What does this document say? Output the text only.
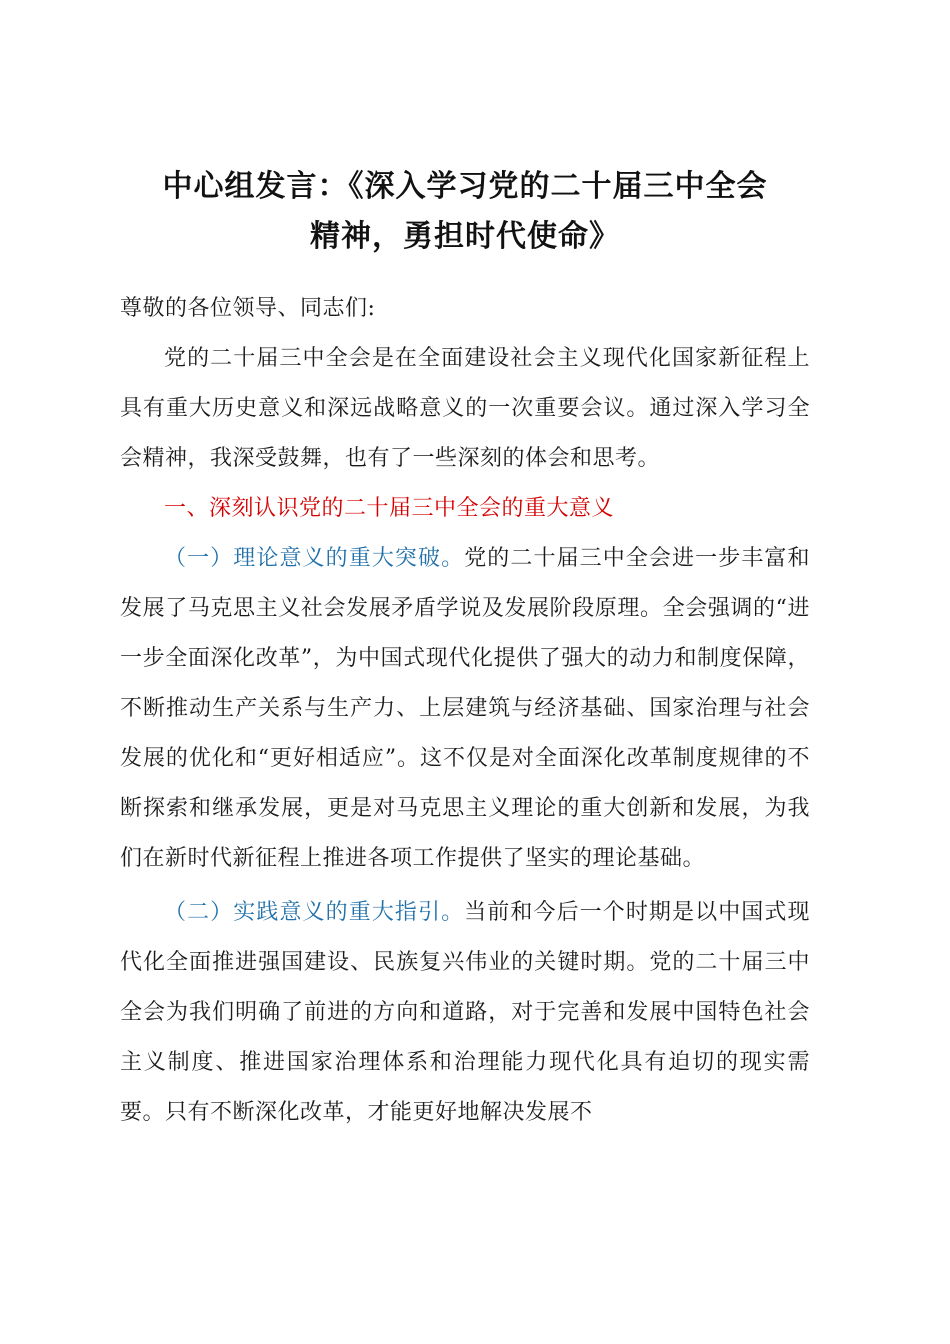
中心组发言：《深入学习党的二十届三中全会
精神，勇担时代使命》

尊敬的各位领导、同志们:

党的二十届三中全会是在全面建设社会主义现代化国家新征程上具有重大历史意义和深远战略意义的一次重要会议。通过深入学习全会精神，我深受鼓舞，也有了一些深刻的体会和思考。

一、深刻认识党的二十届三中全会的重大意义

（一）理论意义的重大突破。党的二十届三中全会进一步丰富和发展了马克思主义社会发展矛盾学说及发展阶段原理。全会强调的“进一步全面深化改革”，为中国式现代化提供了强大的动力和制度保障，不断推动生产关系与生产力、上层建筑与经济基础、国家治理与社会发展的优化和“更好相适应”。这不仅是对全面深化改革制度规律的不断探索和继承发展，更是对马克思主义理论的重大创新和发展，为我们在新时代新征程上推进各项工作提供了坚实的理论基础。

（二）实践意义的重大指引。当前和今后一个时期是以中国式现代化全面推进强国建设、民族复兴伟业的关键时期。党的二十届三中全会为我们明确了前进的方向和道路，对于完善和发展中国特色社会主义制度、推进国家治理体系和治理能力现代化具有迫切的现实需要。只有不断深化改革，才能更好地解决发展不
